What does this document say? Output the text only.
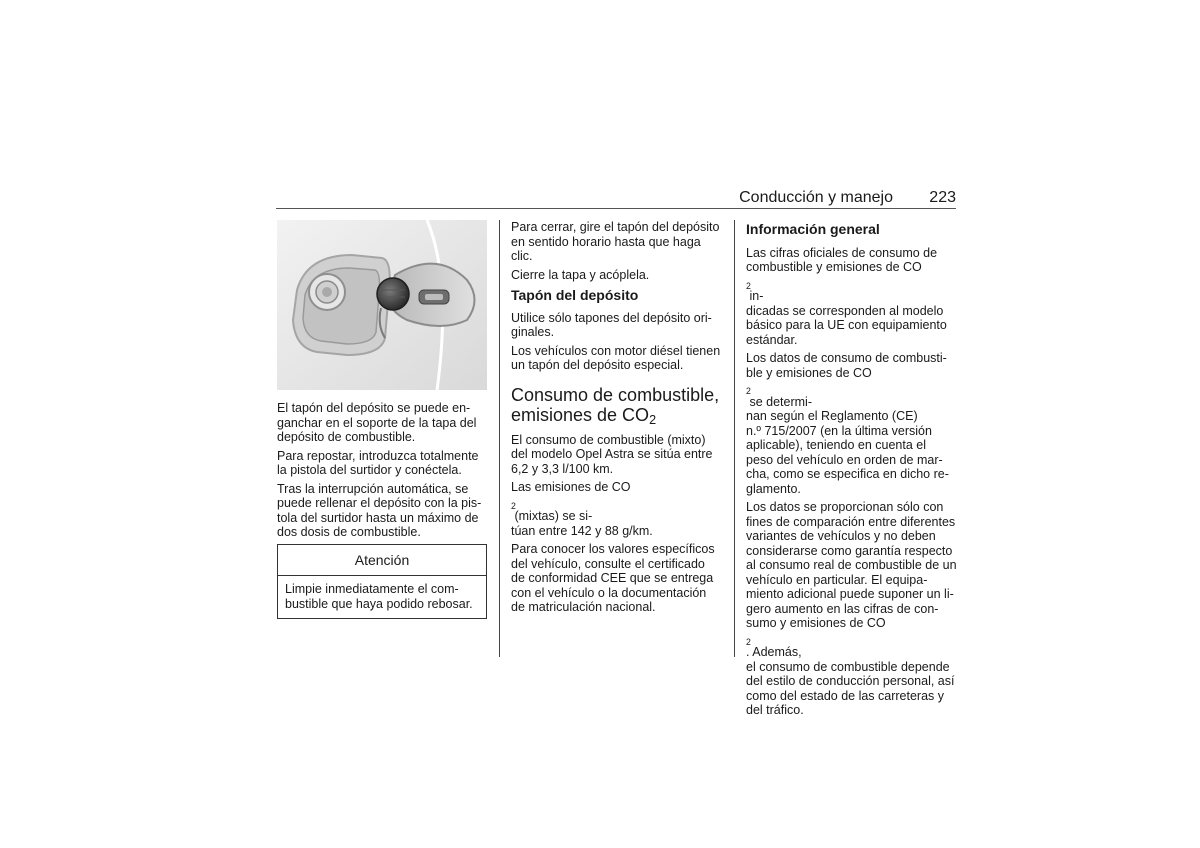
Conducción y manejo 223

El tapón del depósito se puede en-
ganchar en el soporte de la tapa del
depósito de combustible.

Para repostar, introduzca totalmente
la pistola del surtidor y conéctela.

Tras la interrupción automática, se
puede rellenar el depósito con la pis-
tola del surtidor hasta un máximo de
dos dosis de combustible.

Atención
Limpie inmediatamente el com-
bustible que haya podido rebosar.

Para cerrar, gire el tapón del depósito
en sentido horario hasta que haga
clic.

Cierre la tapa y acóplela.

Tapón del depósito

Utilice sólo tapones del depósito ori-
ginales.

Los vehículos con motor diésel tienen
un tapón del depósito especial.

Consumo de combustible,
emisiones de $CO_2$

El consumo de combustible (mixto)
del modelo Opel Astra se sitúa entre
6,2 y 3,3 l/100 km.

Las emisiones de CO
$_2$
(mixtas) se si-
túan entre 142 y 88 g/km.

Para conocer los valores específicos
del vehículo, consulte el certificado
de conformidad CEE que se entrega
con el vehículo o la documentación
de matriculación nacional.

Información general

Las cifras oficiales de consumo de
combustible y emisiones de CO
$_2$
in-
dicadas se corresponden al modelo
básico para la UE con equipamiento
estándar.

Los datos de consumo de combusti-
ble y emisiones de CO
$_2$
se determi-
nan según el Reglamento (CE)
n.º 715/2007 (en la última versión
aplicable), teniendo en cuenta el
peso del vehículo en orden de mar-
cha, como se especifica en dicho re-
glamento.

Los datos se proporcionan sólo con
fines de comparación entre diferentes
variantes de vehículos y no deben
considerarse como garantía respecto
al consumo real de combustible de un
vehículo en particular. El equipa-
miento adicional puede suponer un li-
gero aumento en las cifras de con-
sumo y emisiones de CO
$_2$
. Además,
el consumo de combustible depende
del estilo de conducción personal, así
como del estado de las carreteras y
del tráfico.
